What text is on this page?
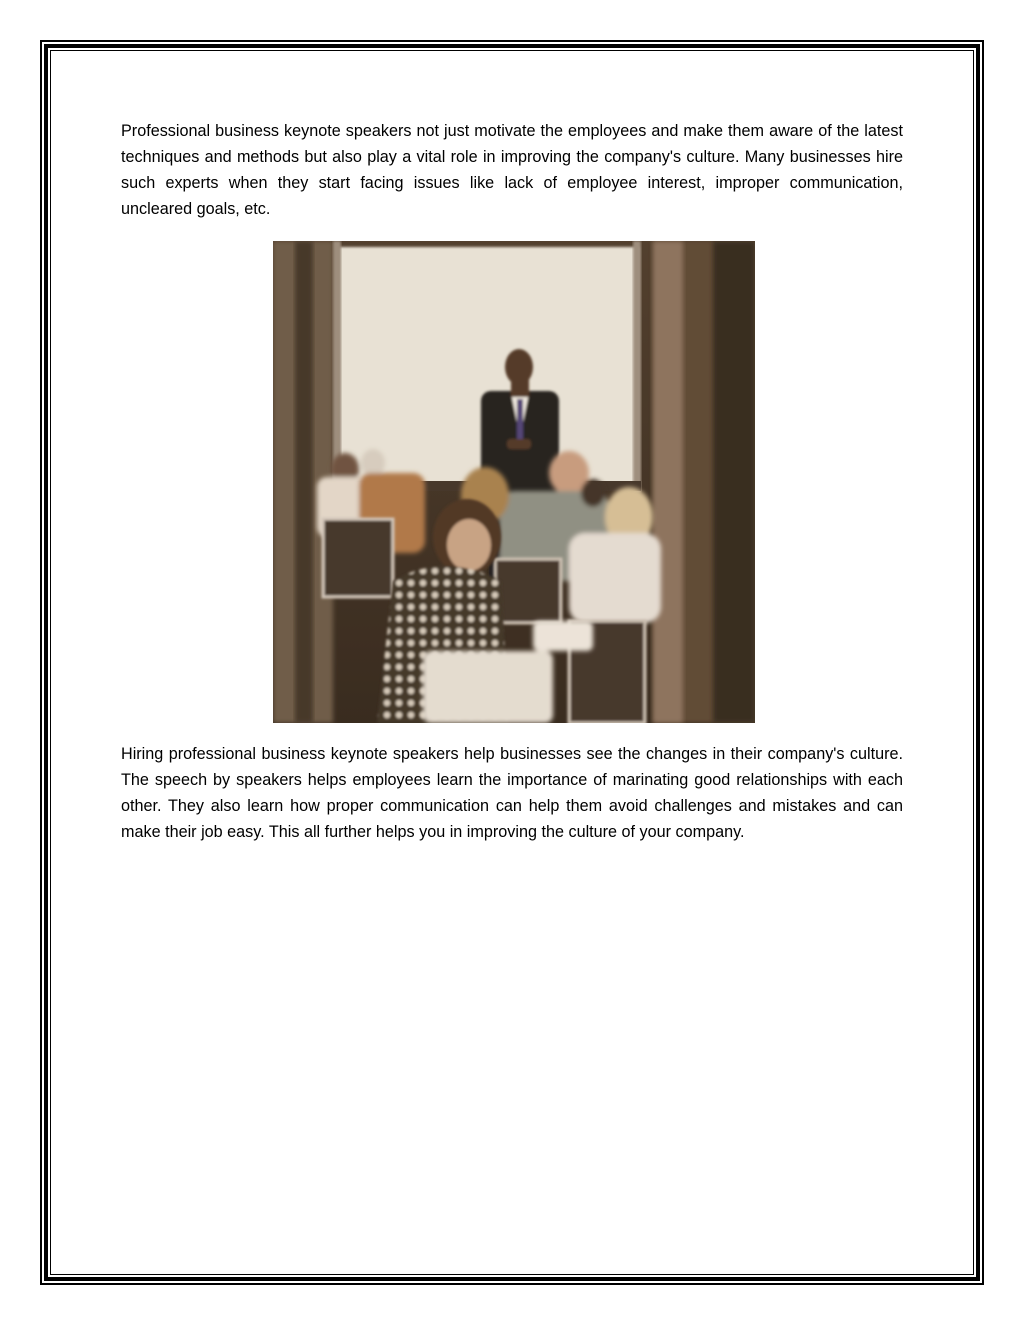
Professional business keynote speakers not just motivate the employees and make them aware of the latest techniques and methods but also play a vital role in improving the company's culture. Many businesses hire such experts when they start facing issues like lack of employee interest, improper communication, uncleared goals, etc.

Hiring professional business keynote speakers help businesses see the changes in their company's culture. The speech by speakers helps employees learn the importance of marinating good relationships with each other. They also learn how proper communication can help them avoid challenges and mistakes and can make their job easy. This all further helps you in improving the culture of your company.
